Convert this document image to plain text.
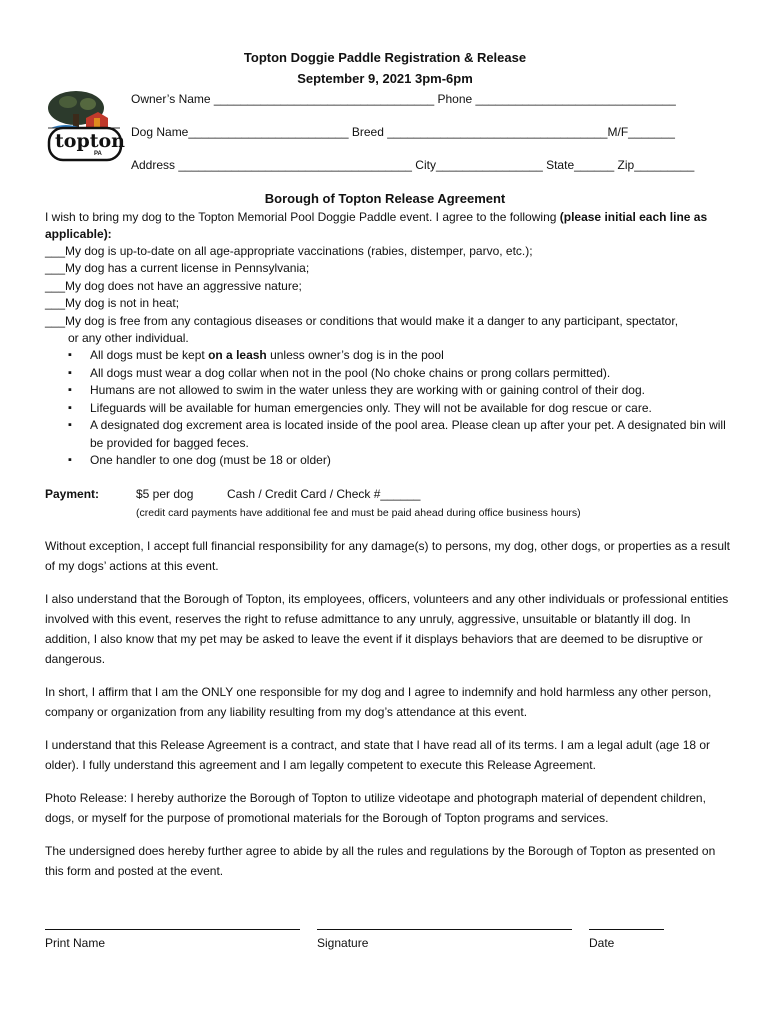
Topton Doggie Paddle Registration & Release
September 9, 2021 3pm-6pm
topton
PA
Owner’s Name _________________________________ Phone ______________________________
Dog Name________________________ Breed _________________________________M/F_______
Address ___________________________________ City________________ State______ Zip_________
Borough of Topton Release Agreement
I wish to bring my dog to the Topton Memorial Pool Doggie Paddle event. I agree to the following (please initial each line as applicable):
___My dog is up-to-date on all age-appropriate vaccinations (rabies, distemper, parvo, etc.);
___My dog has a current license in Pennsylvania;
___My dog does not have an aggressive nature;
___My dog is not in heat;
___My dog is free from any contagious diseases or conditions that would make it a danger to any participant, spectator,
or any other individual.
▪ All dogs must be kept on a leash unless owner’s dog is in the pool
▪ All dogs must wear a dog collar when not in the pool (No choke chains or prong collars permitted).
▪ Humans are not allowed to swim in the water unless they are working with or gaining control of their dog.
▪ Lifeguards will be available for human emergencies only. They will not be available for dog rescue or care.
▪ A designated dog excrement area is located inside of the pool area. Please clean up after your pet. A designated bin will be provided for bagged feces.
▪ One handler to one dog (must be 18 or older)
Payment:	$5 per dog	Cash / Credit Card / Check #______
(credit card payments have additional fee and must be paid ahead during office business hours)
Without exception, I accept full financial responsibility for any damage(s) to persons, my dog, other dogs, or properties as a result of my dogs’ actions at this event.
I also understand that the Borough of Topton, its employees, officers, volunteers and any other individuals or professional entities involved with this event, reserves the right to refuse admittance to any unruly, aggressive, unsuitable or blatantly ill dog. In addition, I also know that my pet may be asked to leave the event if it displays behaviors that are deemed to be disruptive or dangerous.
In short, I affirm that I am the ONLY one responsible for my dog and I agree to indemnify and hold harmless any other person, company or organization from any liability resulting from my dog’s attendance at this event.
I understand that this Release Agreement is a contract, and state that I have read all of its terms. I am a legal adult (age 18 or older). I fully understand this agreement and I am legally competent to execute this Release Agreement.
Photo Release: I hereby authorize the Borough of Topton to utilize videotape and photograph material of dependent children, dogs, or myself for the purpose of promotional materials for the Borough of Topton programs and services.
The undersigned does hereby further agree to abide by all the rules and regulations by the Borough of Topton as presented on this form and posted at the event.
Print Name	Signature	Date
